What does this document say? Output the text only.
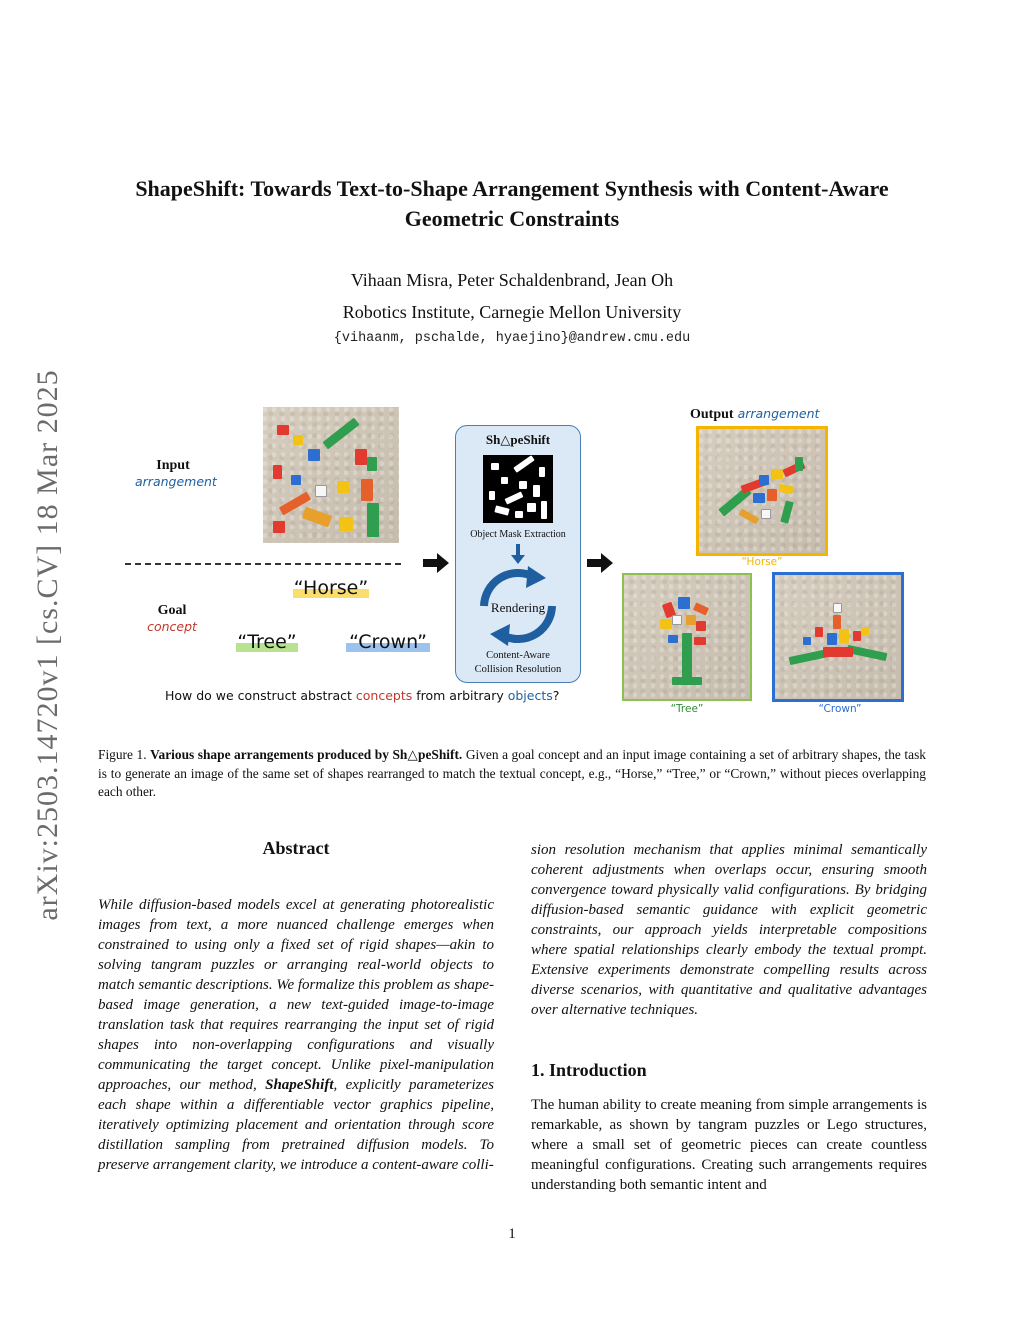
arXiv:2503.14720v1 [cs.CV] 18 Mar 2025
ShapeShift: Towards Text-to-Shape Arrangement Synthesis with Content-Aware
Geometric Constraints
Vihaan Misra, Peter Schaldenbrand, Jean Oh
Robotics Institute, Carnegie Mellon University
{vihaanm, pschalde, hyaejino}@andrew.cmu.edu
Input
arrangement
Goal
concept
“Horse”
“Tree”	“Crown”
How do we construct abstract concepts from arbitrary objects?
Sh△peShift
Object Mask Extraction
Rendering
Content-Aware
Collision Resolution
Output arrangement
“Horse”
“Tree”	“Crown”
Figure 1. Various shape arrangements produced by Sh△peShift. Given a goal concept and an input image containing a set of arbitrary shapes, the task is to generate an image of the same set of shapes rearranged to match the textual concept, e.g., “Horse,” “Tree,” or “Crown,” without pieces overlapping each other.
Abstract
While diffusion-based models excel at generating photorealistic images from text, a more nuanced challenge emerges when constrained to using only a fixed set of rigid shapes—akin to solving tangram puzzles or arranging real-world objects to match semantic descriptions. We formalize this problem as shape-based image generation, a new text-guided image-to-image translation task that requires rearranging the input set of rigid shapes into non-overlapping configurations and visually communicating the target concept. Unlike pixel-manipulation approaches, our method, ShapeShift, explicitly parameterizes each shape within a differentiable vector graphics pipeline, iteratively optimizing placement and orientation through score distillation sampling from pretrained diffusion models. To preserve arrangement clarity, we introduce a content-aware colli-
sion resolution mechanism that applies minimal semantically coherent adjustments when overlaps occur, ensuring smooth convergence toward physically valid configurations. By bridging diffusion-based semantic guidance with explicit geometric constraints, our approach yields interpretable compositions where spatial relationships clearly embody the textual prompt. Extensive experiments demonstrate compelling results across diverse scenarios, with quantitative and qualitative advantages over alternative techniques.
1. Introduction
The human ability to create meaning from simple arrangements is remarkable, as shown by tangram puzzles or Lego structures, where a small set of geometric pieces can create countless meaningful configurations. Creating such arrangements requires understanding both semantic intent and
1
